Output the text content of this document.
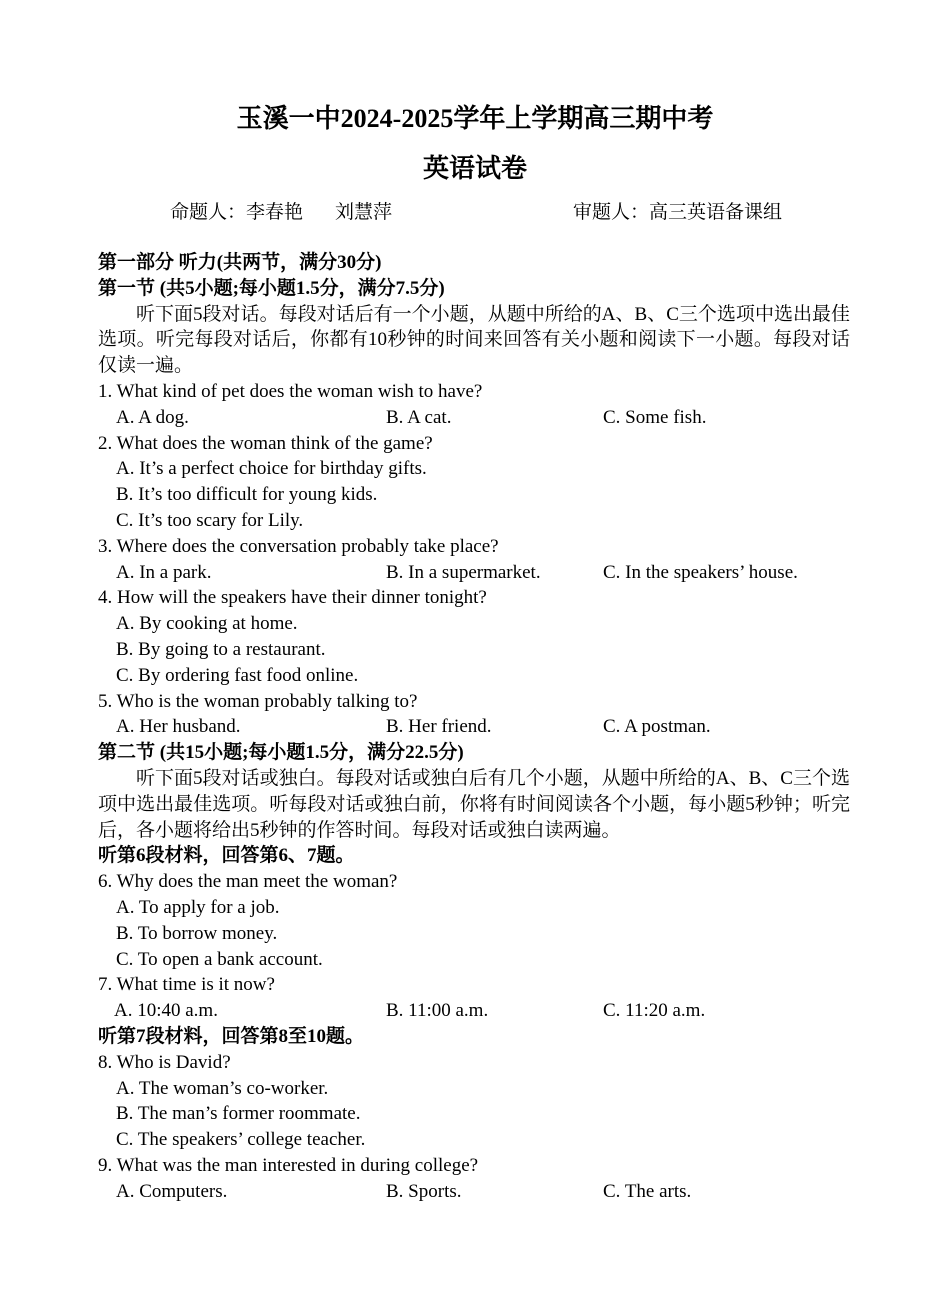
玉溪一中2024-2025学年上学期高三期中考
英语试卷
命题人：李春艳 刘慧萍	审题人：高三英语备课组
第一部分 听力(共两节，满分30分)
第一节 (共5小题;每小题1.5分，满分7.5分)
听下面5段对话。每段对话后有一个小题，从题中所给的A、B、C三个选项中选出最佳选项。听完每段对话后，你都有10秒钟的时间来回答有关小题和阅读下一小题。每段对话仅读一遍。
1. What kind of pet does the woman wish to have?
A. A dog.	B. A cat.	C. Some fish.
2. What does the woman think of the game?
A. It’s a perfect choice for birthday gifts.
B. It’s too difficult for young kids.
C. It’s too scary for Lily.
3. Where does the conversation probably take place?
A. In a park.	B. In a supermarket.	C. In the speakers’ house.
4. How will the speakers have their dinner tonight?
A. By cooking at home.
B. By going to a restaurant.
C. By ordering fast food online.
5. Who is the woman probably talking to?
A. Her husband.	B. Her friend.	C. A postman.
第二节 (共15小题;每小题1.5分，满分22.5分)
听下面5段对话或独白。每段对话或独白后有几个小题，从题中所给的A、B、C三个选项中选出最佳选项。听每段对话或独白前，你将有时间阅读各个小题，每小题5秒钟；听完后，各小题将给出5秒钟的作答时间。每段对话或独白读两遍。
听第6段材料，回答第6、7题。
6. Why does the man meet the woman?
A. To apply for a job.
B. To borrow money.
C. To open a bank account.
7. What time is it now?
A. 10:40 a.m.	B. 11:00 a.m.	C. 11:20 a.m.
听第7段材料，回答第8至10题。
8. Who is David?
A. The woman’s co-worker.
B. The man’s former roommate.
C. The speakers’ college teacher.
9. What was the man interested in during college?
A. Computers.	B. Sports.	C. The arts.
